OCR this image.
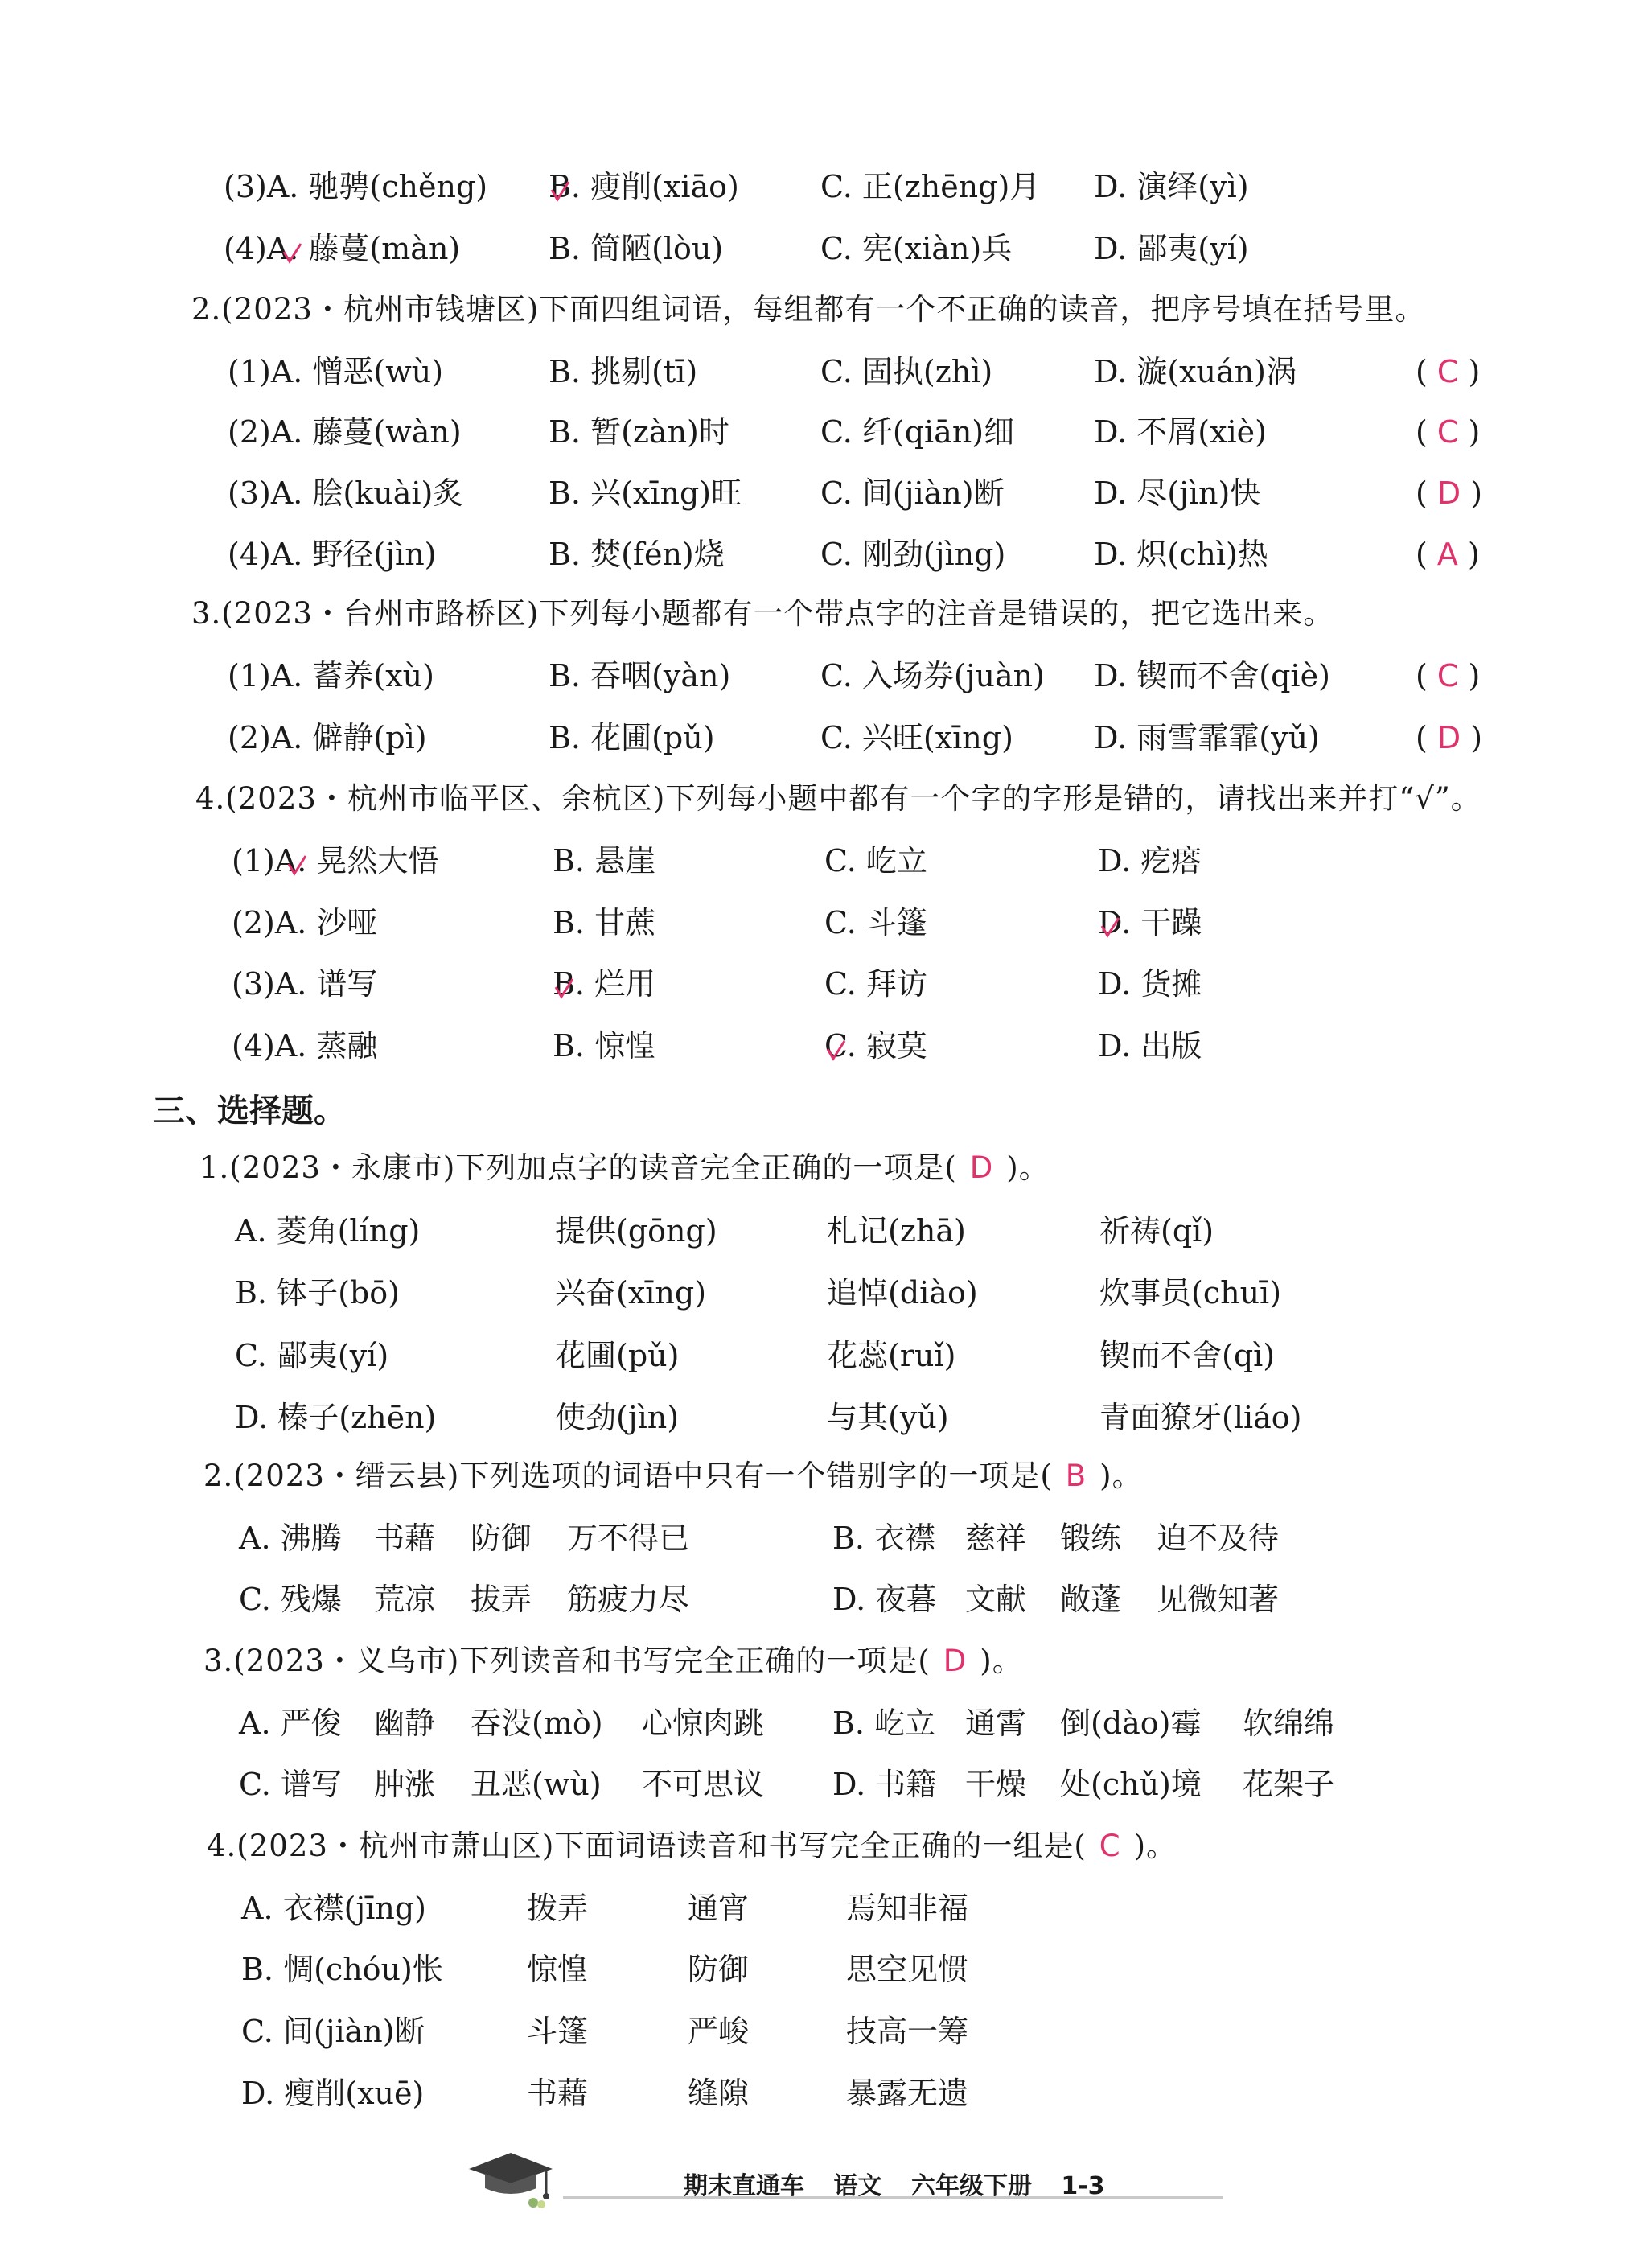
(3)A. 驰骋(chěng) B. 瘦削(xiāo)	C. 正(zhēng)月 D. 演绎(yì)
(4)A. 藤蔓(màn)	B. 简陋(lòu)	C. 宪(xiàn)兵	D. 鄙夷(yí)
2.(2023・杭州市钱塘区)下面四组词语，每组都有一个不正确的读音，把序号填在括号里。
(1)A. 憎恶(wù)	B. 挑剔(tī)	C. 固执(zhì)	D. 漩(xuán)涡	( C )
(2)A. 藤蔓(wàn)	B. 暂(zàn)时	C. 纤(qiān)细	D. 不屑(xiè)	( C )
(3)A. 脍(kuài)炙	B. 兴(xīng)旺	C. 间(jiàn)断	D. 尽(jìn)快	( D )
(4)A. 野径(jìn)	B. 焚(fén)烧	C. 刚劲(jìng)	D. 炽(chì)热	( A )
3.(2023・台州市路桥区)下列每小题都有一个带点字的注音是错误的，把它选出来。
(1)A. 蓄养(xù)	B. 吞咽(yàn)	C. 入场券(juàn) D. 锲而不舍(qiè)	( C )
(2)A. 僻静(pì)	B. 花圃(pǔ)	C. 兴旺(xīng)	D. 雨雪霏霏(yǔ)	( D )
4.(2023・杭州市临平区、余杭区)下列每小题中都有一个字的字形是错的，请找出来并打“√”。
(1)A. 晃然大悟	B. 悬崖	C. 屹立	D. 疙瘩
(2)A. 沙哑	B. 甘蔗	C. 斗篷	D. 干躁
(3)A. 谱写	B. 烂用	C. 拜访	D. 货摊
(4)A. 蒸融	B. 惊惶	C. 寂莫	D. 出版
三、选择题。
1.(2023・永康市)下列加点字的读音完全正确的一项是( D )。
A. 菱角(líng)	提供(gōng)	札记(zhā)	祈祷(qǐ)
B. 钵子(bō)	兴奋(xīng)	追悼(diào)	炊事员(chuī)
C. 鄙夷(yí)	花圃(pǔ)	花蕊(ruǐ)	锲而不舍(qì)
D. 榛子(zhēn)	使劲(jìn)	与其(yǔ)	青面獠牙(liáo)
2.(2023・缙云县)下列选项的词语中只有一个错别字的一项是( B )。
A. 沸腾 书藉 防御 万不得已	B. 衣襟 慈祥 锻练 迫不及待
C. 残爆 荒凉 拔弄 筋疲力尽	D. 夜暮 文献 敞蓬 见微知著
3.(2023・义乌市)下列读音和书写完全正确的一项是( D )。
A. 严俊 幽静 吞没(mò) 心惊肉跳 B. 屹立 通霄 倒(dào)霉 软绵绵
C. 谱写 肿涨 丑恶(wù) 不可思议 D. 书籍 干燥 处(chǔ)境 花架子
4.(2023・杭州市萧山区)下面词语读音和书写完全正确的一组是( C )。
A. 衣襟(jīng)	拨弄	通宵	焉知非福
B. 惆(chóu)怅	惊惶	防御	思空见惯
C. 间(jiàn)断	斗篷	严峻	技高一筹
D. 瘦削(xuē)	书藉	缝隙	暴露无遗
期末直通车 语文 六年级下册 1-3
